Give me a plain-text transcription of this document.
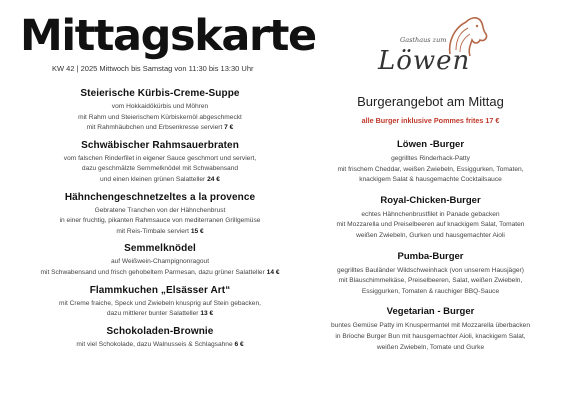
Mittagskarte
KW 42 | 2025 Mittwoch bis Samstag von 11:30 bis 13:30 Uhr
Gasthaus zum
Löwen
Steierische Kürbis-Creme-Suppe
vom Hokkaidökürbis und Möhren
mit Rahm und Steierischem Kürbiskernöl abgeschmeckt
mit Rahmhäubchen und Erbsenkresse serviert 7 €
Schwäbischer Rahmsauerbraten
vom falschen Rinderfilet in eigener Sauce geschmort und serviert,
dazu geschmälzte Semmelknödel mit Schwabensand
und einen kleinen grünen Salatteller 24 €
Hähnchengeschnetzeltes a la provence
Gebratene Tranchen von der Hähnchenbrust
in einer fruchtig, pikanten Rahmsauce von mediterranen Grillgemüse
mit Reis-Timbale serviert 15 €
Semmelknödel
auf Weißwein-Champignonragout
mit Schwabensand und frisch gehobeltem Parmesan, dazu grüner Salatteller 14 €
Flammkuchen „Elsässer Art“
mit Creme fraiche, Speck und Zwiebeln knusprig auf Stein gebacken,
dazu mittlerer bunter Salatteller 13 €
Schokoladen-Brownie
mit viel Schokolade, dazu Walnusseis & Schlagsahne 6 €
Burgerangebot am Mittag
alle Burger inklusive Pommes frites 17 €
Löwen -Burger
gegrilltes Rinderhack-Patty
mit frischem Cheddar, weißen Zwiebeln, Essiggurken, Tomaten,
knackigem Salat & hausgemachte Cocktailsauce
Royal-Chicken-Burger
echtes Hähnchenbrustfilet in Panade gebacken
mit Mozzarella und Preiselbeeren auf knackigem Salat, Tomaten
weißen Zwiebeln, Gurken und hausgemachter Aioli
Pumba-Burger
gegrilltes Bauländer Wildschweinhack (von unserem Hausjäger)
mit Blauschimmelkäse, Preiselbeeren, Salat, weißen Zwiebeln,
Essiggurken, Tomaten & rauchiger BBQ-Sauce
Vegetarian - Burger
buntes Gemüse Patty im Knuspermantel mit Mozzarella überbacken
in Brioche Burger Bun mit hausgemachter Aioli, knackigem Salat,
weißen Zwiebeln, Tomate und Gurke
